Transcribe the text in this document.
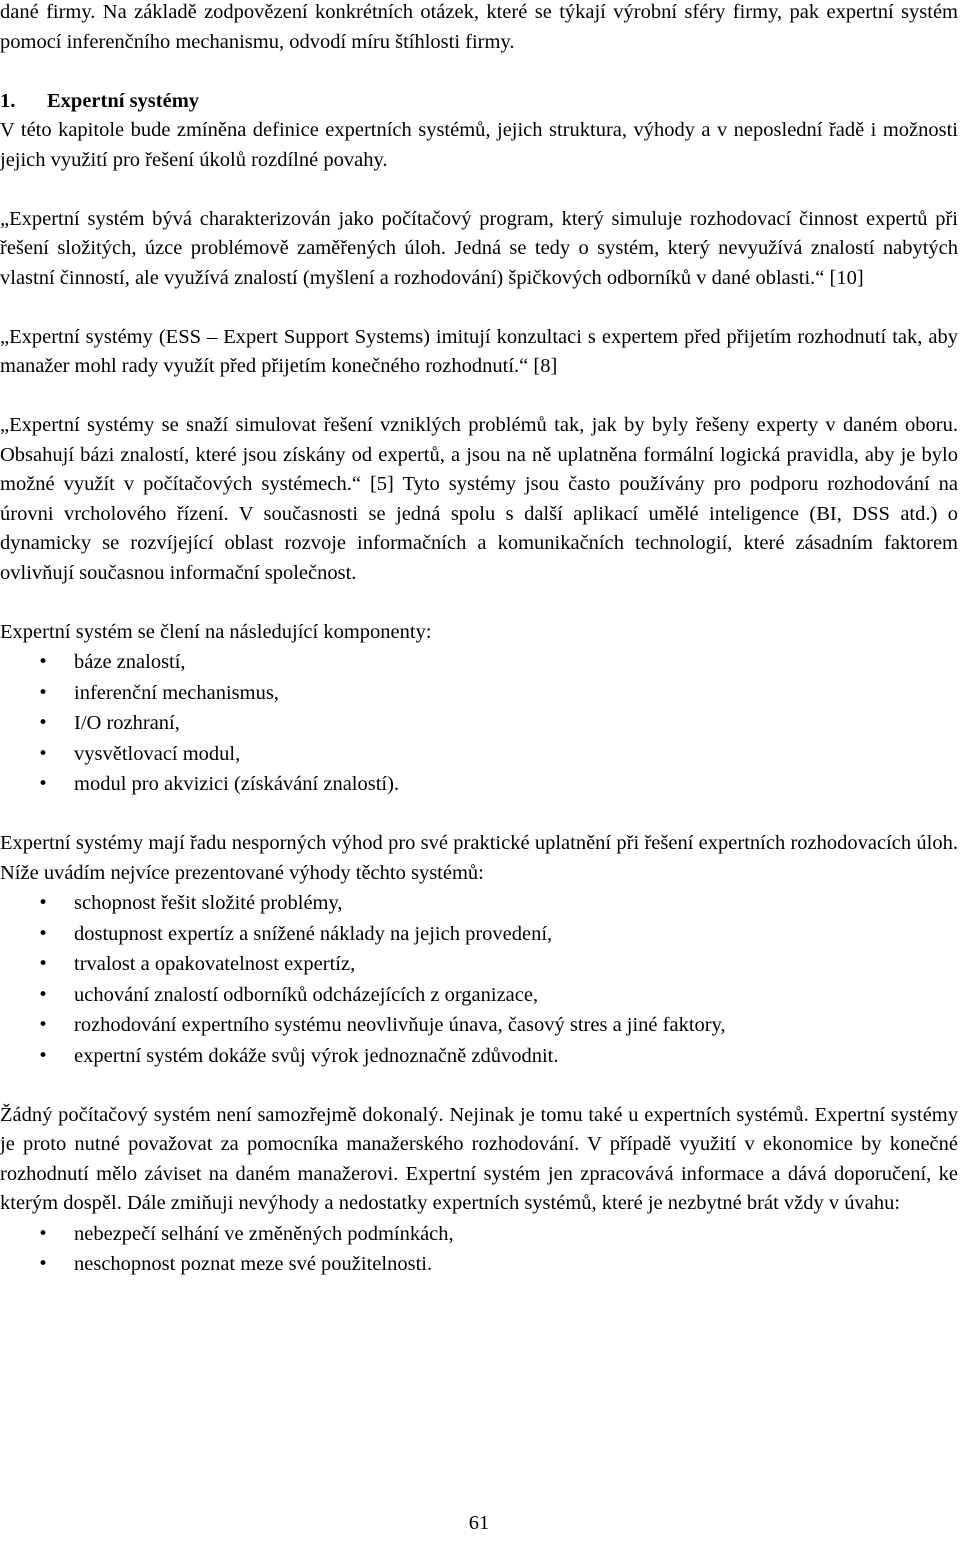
dané firmy. Na základě zodpovězení konkrétních otázek, které se týkají výrobní sféry firmy, pak expertní systém pomocí inferenčního mechanismu, odvodí míru štíhlosti firmy.

1. Expertní systémy

V této kapitole bude zmíněna definice expertních systémů, jejich struktura, výhody a v neposlední řadě i možnosti jejich využití pro řešení úkolů rozdílné povahy.

„Expertní systém bývá charakterizován jako počítačový program, který simuluje rozhodovací činnost expertů při řešení složitých, úzce problémově zaměřených úloh. Jedná se tedy o systém, který nevyužívá znalostí nabytých vlastní činností, ale využívá znalostí (myšlení a rozhodování) špičkových odborníků v dané oblasti.“ [10]

„Expertní systémy (ESS – Expert Support Systems) imitují konzultaci s expertem před přijetím rozhodnutí tak, aby manažer mohl rady využít před přijetím konečného rozhodnutí.“ [8]

„Expertní systémy se snaží simulovat řešení vzniklých problémů tak, jak by byly řešeny experty v daném oboru. Obsahují bázi znalostí, které jsou získány od expertů, a jsou na ně uplatněna formální logická pravidla, aby je bylo možné využít v počítačových systémech.“ [5] Tyto systémy jsou často používány pro podporu rozhodování na úrovni vrcholového řízení. V současnosti se jedná spolu s další aplikací umělé inteligence (BI, DSS atd.) o dynamicky se rozvíjející oblast rozvoje informačních a komunikačních technologií, které zásadním faktorem ovlivňují současnou informační společnost.

Expertní systém se člení na následující komponenty:

• báze znalostí,
• inferenční mechanismus,
• I/O rozhraní,
• vysvětlovací modul,
• modul pro akvizici (získávání znalostí).

Expertní systémy mají řadu nesporných výhod pro své praktické uplatnění při řešení expertních rozhodovacích úloh. Níže uvádím nejvíce prezentované výhody těchto systémů:

• schopnost řešit složité problémy,
• dostupnost expertíz a snížené náklady na jejich provedení,
• trvalost a opakovatelnost expertíz,
• uchování znalostí odborníků odcházejících z organizace,
• rozhodování expertního systému neovlivňuje únava, časový stres a jiné faktory,
• expertní systém dokáže svůj výrok jednoznačně zdůvodnit.

Žádný počítačový systém není samozřejmě dokonalý. Nejinak je tomu také u expertních systémů. Expertní systémy je proto nutné považovat za pomocníka manažerského rozhodování. V případě využití v ekonomice by konečné rozhodnutí mělo záviset na daném manažerovi. Expertní systém jen zpracovává informace a dává doporučení, ke kterým dospěl. Dále zmiňuji nevýhody a nedostatky expertních systémů, které je nezbytné brát vždy v úvahu:

• nebezpečí selhání ve změněných podmínkách,
• neschopnost poznat meze své použitelnosti.
61
